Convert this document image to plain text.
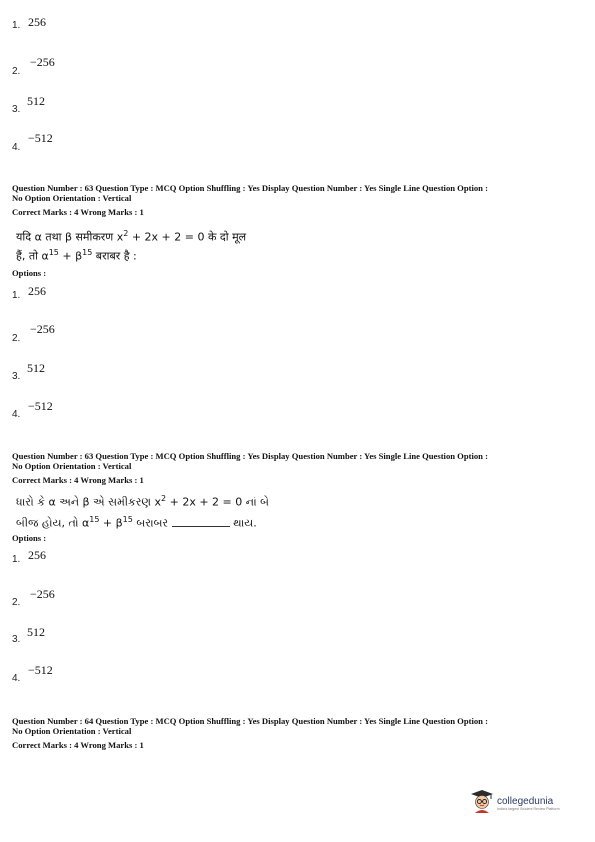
1. 256
2.
−256
3.
512
4.
−512
Question Number : 63 Question Type : MCQ Option Shuffling : Yes Display Question Number : Yes Single Line Question Option :
No Option Orientation : Vertical
Correct Marks : 4 Wrong Marks : 1
यदि α तथा β समीकरण $x^2 + 2x + 2 = 0$ के दो मूल
हैं, तो $\alpha^{15} + \beta^{15}$ बराबर है :
Options :
1. 256
2.
−256
3.
512
4.
−512
Question Number : 63 Question Type : MCQ Option Shuffling : Yes Display Question Number : Yes Single Line Question Option :
No Option Orientation : Vertical
Correct Marks : 4 Wrong Marks : 1
ધારો કે α અને β એ સમીકરણ $x^2 + 2x + 2 = 0$ નાં બે
બીજ હોય, તો $\alpha^{15} + \beta^{15}$ બરાબર	થાય.
Options :
1. 256
2.
−256
3.
512
4.
−512
Question Number : 64 Question Type : MCQ Option Shuffling : Yes Display Question Number : Yes Single Line Question Option :
No Option Orientation : Vertical
Correct Marks : 4 Wrong Marks : 1
collegedunia
India's largest Student Review Platform
